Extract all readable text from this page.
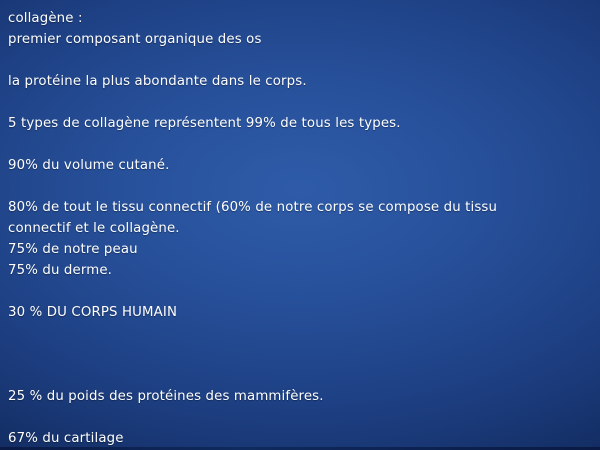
collagène :
premier composant organique des os
la protéine la plus abondante dans le corps.
5 types de collagène représentent 99% de tous les types.
90% du volume cutané.
80% de tout le tissu connectif (60% de notre corps se compose du tissu
connectif et le collagène.
75% de notre peau
75% du derme.
30 % DU CORPS HUMAIN
25 % du poids des protéines des mammifères.
67% du cartilage
